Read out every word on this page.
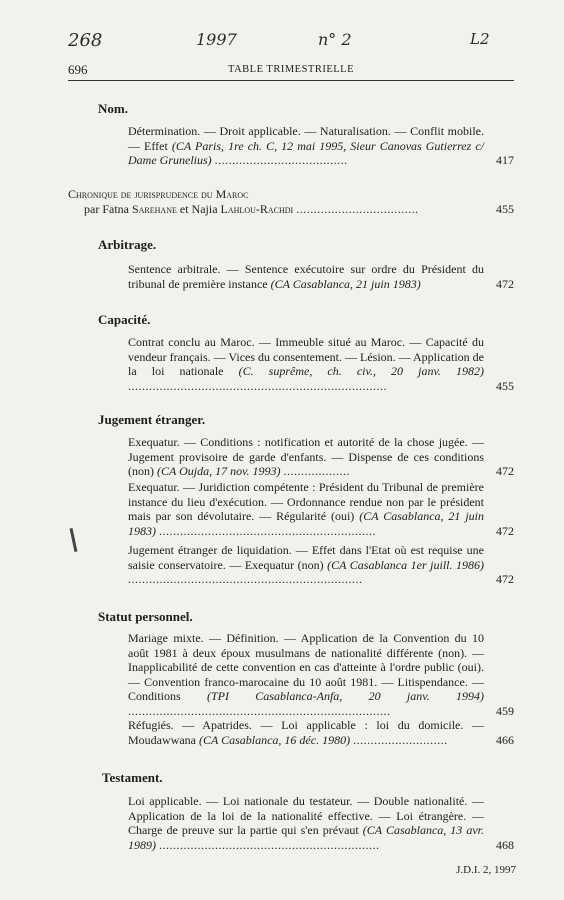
268	1997	n° 2	L2
696	TABLE TRIMESTRIELLE
Nom.
Détermination. — Droit applicable. — Naturalisation. — Conflit mobile. — Effet (CA Paris, 1re ch. C, 12 mai 1995, Sieur Canovas Gutierrez c/ Dame Grunelius) ......................................	417
Chronique de jurisprudence du Maroc
par Fatna Sarehane et Najia Lahlou-Rachdi ...................................	455
Arbitrage.
Sentence arbitrale. — Sentence exécutoire sur ordre du Président du tribunal de première instance (CA Casablanca, 21 juin 1983)	472
Capacité.
Contrat conclu au Maroc. — Immeuble situé au Maroc. — Capacité du vendeur français. — Vices du consentement. — Lésion. — Application de la loi nationale (C. suprême, ch. civ., 20 janv. 1982) ..........................................................................	455
Jugement étranger.
Exequatur. — Conditions : notification et autorité de la chose jugée. — Jugement provisoire de garde d'enfants. — Dispense de ces conditions (non) (CA Oujda, 17 nov. 1993) ...................	472
Exequatur. — Juridiction compétente : Président du Tribunal de première instance du lieu d'exécution. — Ordonnance rendue non par le président mais par son dévolutaire. — Régularité (oui) (CA Casablanca, 21 juin 1983) ..............................................................	472
Jugement étranger de liquidation. — Effet dans l'Etat où est requise une saisie conservatoire. — Exequatur (non) (CA Casablanca 1er juill. 1986) ...................................................................	472
Statut personnel.
Mariage mixte. — Définition. — Application de la Convention du 10 août 1981 à deux époux musulmans de nationalité différente (non). — Inapplicabilité de cette convention en cas d'atteinte à l'ordre public (oui). — Convention franco-marocaine du 10 août 1981. — Litispendance. — Conditions (TPI Casablanca-Anfa, 20 janv. 1994) ...........................................................................	459
Réfugiés. — Apatrides. — Loi applicable : loi du domicile. — Moudawwana (CA Casablanca, 16 déc. 1980) ...........................	466
Testament.
Loi applicable. — Loi nationale du testateur. — Double nationalité. — Application de la loi de la nationalité effective. — Loi étrangère. — Charge de preuve sur la partie qui s'en prévaut (CA Casablanca, 13 avr. 1989) ...............................................................	468
J.D.I. 2, 1997
